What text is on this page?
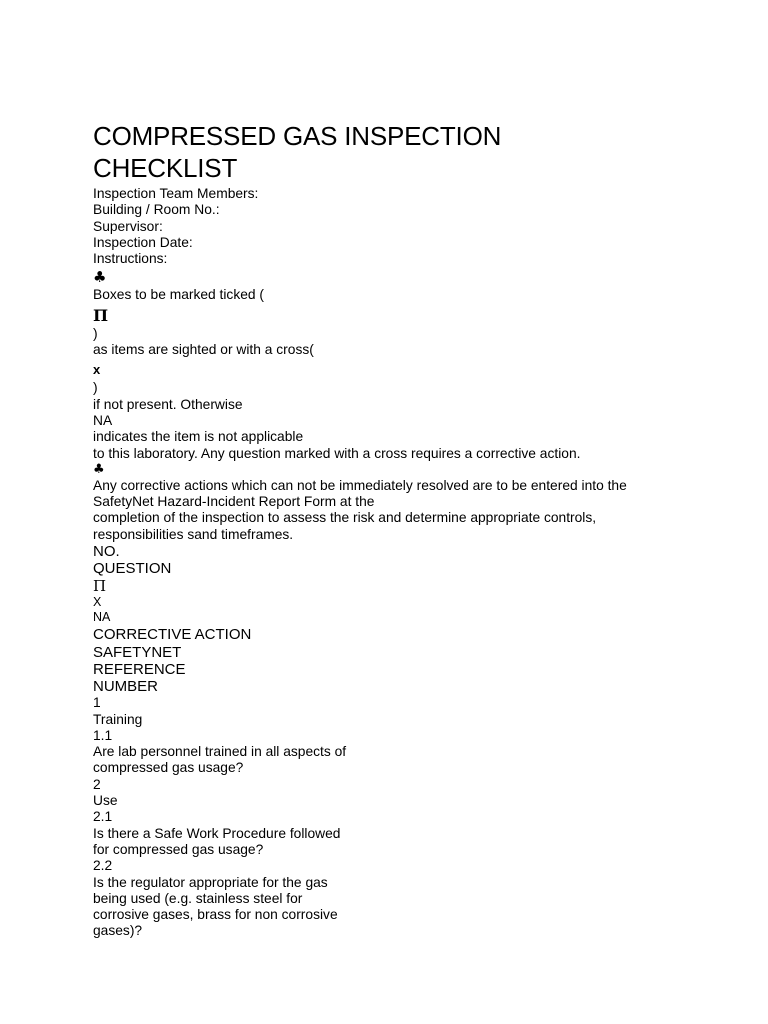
COMPRESSED GAS INSPECTION
CHECKLIST
Inspection Team Members:
Building / Room No.:
Supervisor:
Inspection Date:
Instructions:
♣
Boxes to be marked ticked (
Π
)
as items are sighted or with a cross(
x
)
if not present. Otherwise
NA
indicates the item is not applicable
to this laboratory. Any question marked with a cross requires a corrective action.
♣
Any corrective actions which can not be immediately resolved are to be entered into the
SafetyNet Hazard-Incident Report Form at the
completion of the inspection to assess the risk and determine appropriate controls,
responsibilities sand timeframes.
NO.
QUESTION
Π
X
NA
CORRECTIVE ACTION
SAFETYNET
REFERENCE
NUMBER
1
Training
1.1
Are lab personnel trained in all aspects of
compressed gas usage?
2
Use
2.1
Is there a Safe Work Procedure followed
for compressed gas usage?
2.2
Is the regulator appropriate for the gas
being used (e.g. stainless steel for
corrosive gases, brass for non corrosive
gases)?
